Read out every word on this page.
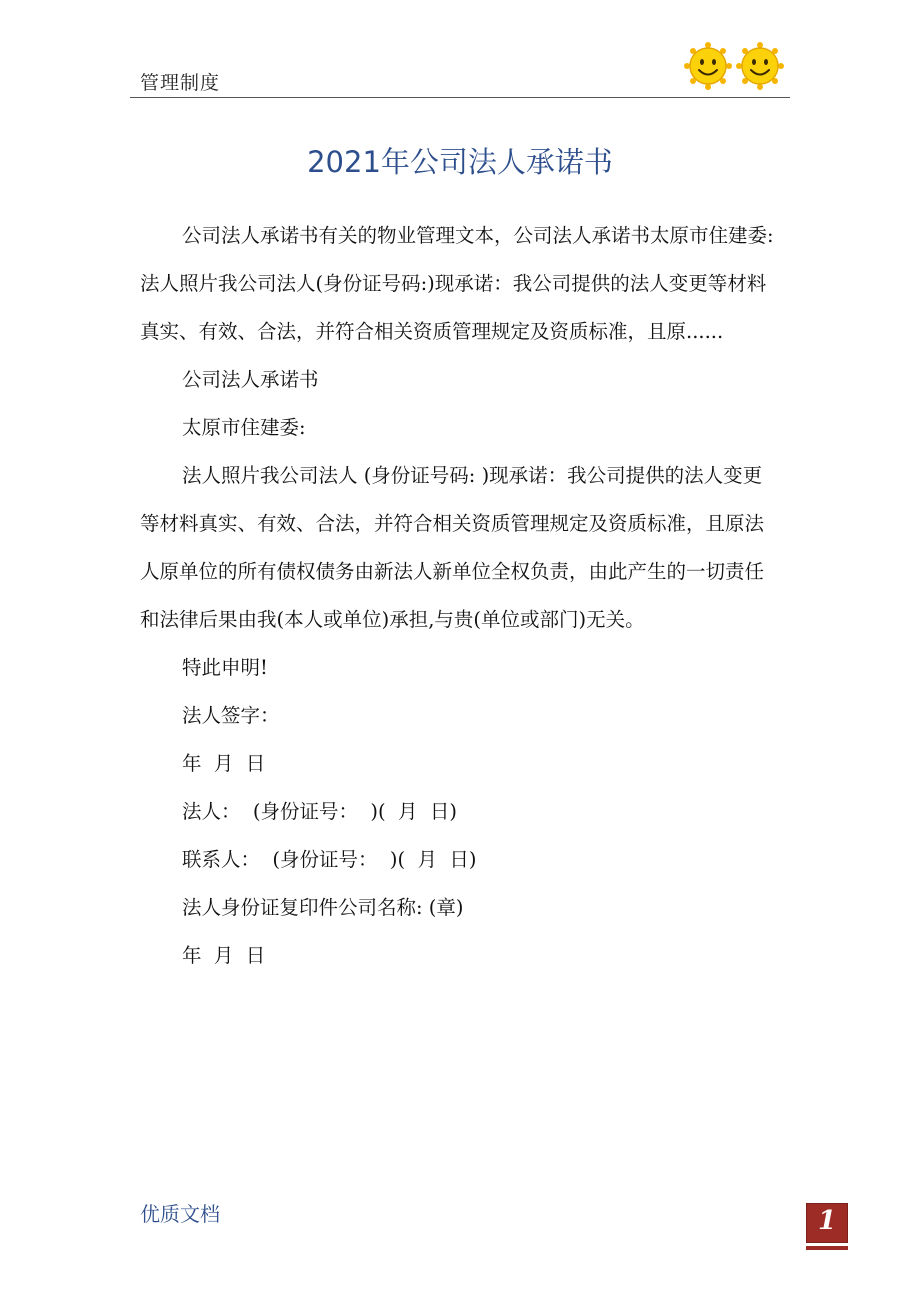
管理制度
2021年公司法人承诺书

公司法人承诺书有关的物业管理文本，公司法人承诺书太原市住建委:法人照片我公司法人(身份证号码:)现承诺：我公司提供的法人变更等材料真实、有效、合法，并符合相关资质管理规定及资质标准，且原......

公司法人承诺书

太原市住建委:

法人照片我公司法人 (身份证号码: )现承诺：我公司提供的法人变更等材料真实、有效、合法，并符合相关资质管理规定及资质标准，且原法人原单位的所有债权债务由新法人新单位全权负责，由此产生的一切责任和法律后果由我(本人或单位)承担,与贵(单位或部门)无关。

特此申明!

法人签字：

年  月  日

法人：  (身份证号：  )(  月  日)

联系人：  (身份证号：  )(  月  日)

法人身份证复印件公司名称: (章)

年  月  日

优质文档	1
